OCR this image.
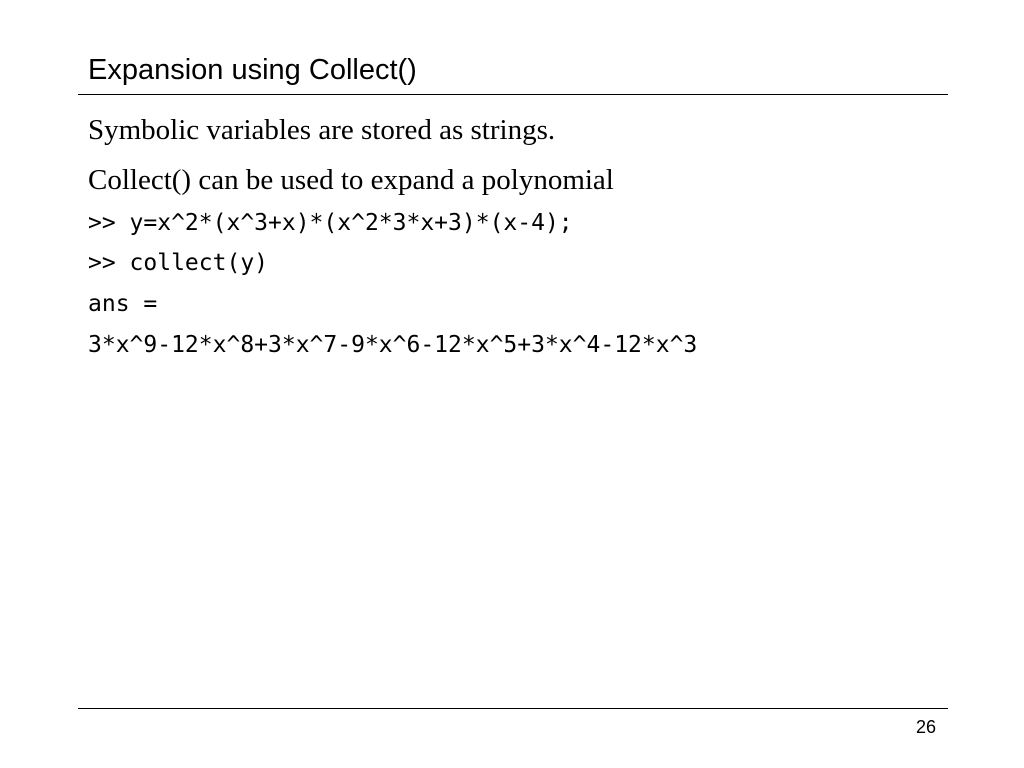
Expansion using Collect()
Symbolic variables are stored as strings.
Collect() can be used to expand a polynomial
>> y=x^2*(x^3+x)*(x^2*3*x+3)*(x-4);
>> collect(y)
ans =
3*x^9-12*x^8+3*x^7-9*x^6-12*x^5+3*x^4-12*x^3
26
